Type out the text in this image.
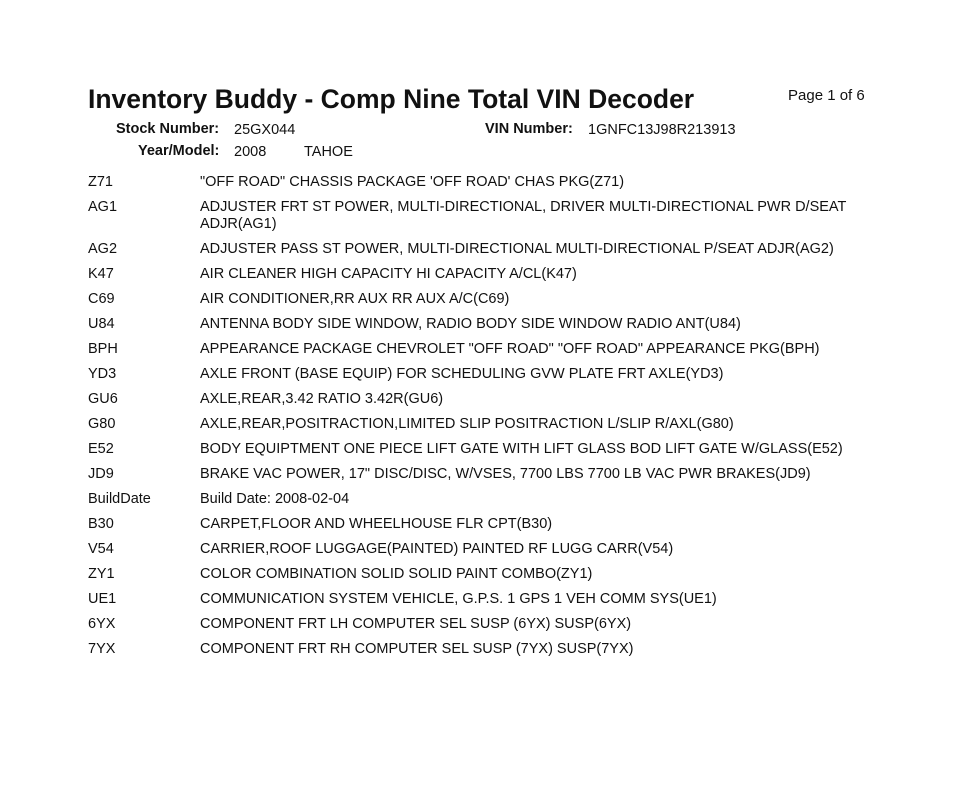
Inventory Buddy - Comp Nine Total VIN Decoder	Page 1 of 6
Stock Number: 25GX044	VIN Number: 1GNFC13J98R213913
Year/Model: 2008	TAHOE
Z71	"OFF ROAD" CHASSIS PACKAGE 'OFF ROAD' CHAS PKG(Z71)
AG1	ADJUSTER FRT ST POWER, MULTI-DIRECTIONAL, DRIVER MULTI-DIRECTIONAL PWR D/SEAT ADJR(AG1)
AG2	ADJUSTER PASS ST POWER, MULTI-DIRECTIONAL MULTI-DIRECTIONAL P/SEAT ADJR(AG2)
K47	AIR CLEANER HIGH CAPACITY HI CAPACITY A/CL(K47)
C69	AIR CONDITIONER,RR AUX RR AUX A/C(C69)
U84	ANTENNA BODY SIDE WINDOW, RADIO BODY SIDE WINDOW RADIO ANT(U84)
BPH	APPEARANCE PACKAGE CHEVROLET "OFF ROAD" "OFF ROAD" APPEARANCE PKG(BPH)
YD3	AXLE FRONT (BASE EQUIP) FOR SCHEDULING GVW PLATE FRT AXLE(YD3)
GU6	AXLE,REAR,3.42 RATIO 3.42R(GU6)
G80	AXLE,REAR,POSITRACTION,LIMITED SLIP POSITRACTION L/SLIP R/AXL(G80)
E52	BODY EQUIPTMENT ONE PIECE LIFT GATE WITH LIFT GLASS BOD LIFT GATE W/GLASS(E52)
JD9	BRAKE VAC POWER, 17" DISC/DISC, W/VSES, 7700 LBS 7700 LB VAC PWR BRAKES(JD9)
BuildDate	Build Date: 2008-02-04
B30	CARPET,FLOOR AND WHEELHOUSE FLR CPT(B30)
V54	CARRIER,ROOF LUGGAGE(PAINTED) PAINTED RF LUGG CARR(V54)
ZY1	COLOR COMBINATION SOLID SOLID PAINT COMBO(ZY1)
UE1	COMMUNICATION SYSTEM VEHICLE, G.P.S. 1 GPS 1 VEH COMM SYS(UE1)
6YX	COMPONENT FRT LH COMPUTER SEL SUSP (6YX) SUSP(6YX)
7YX	COMPONENT FRT RH COMPUTER SEL SUSP (7YX) SUSP(7YX)
